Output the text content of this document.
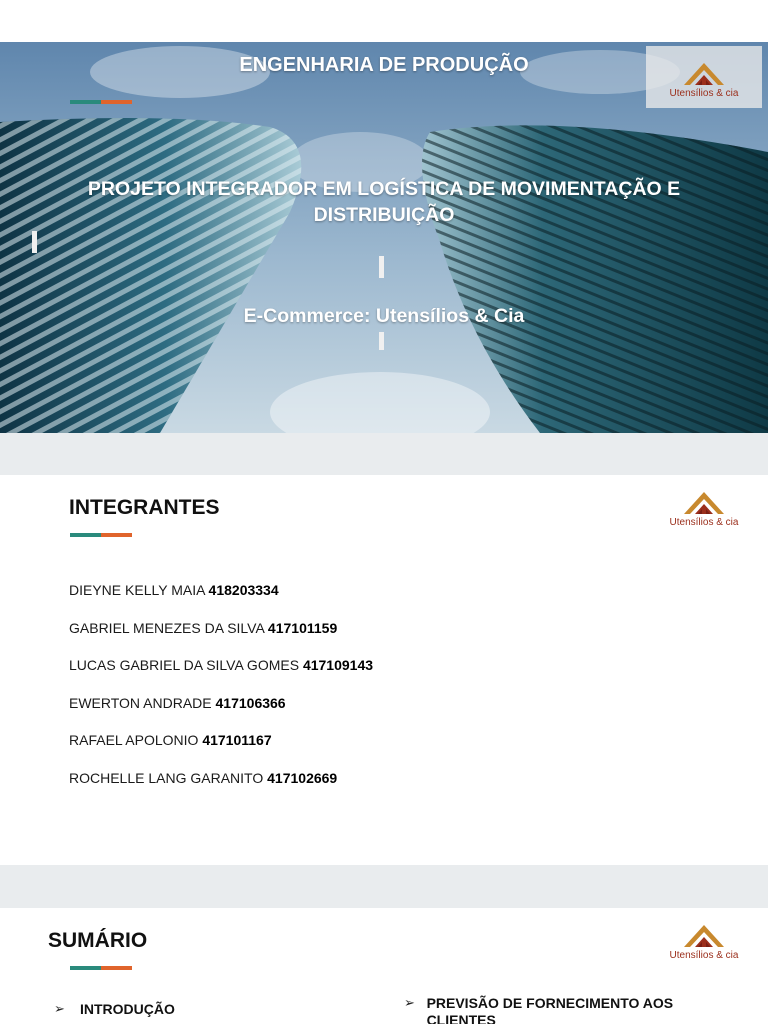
ENGENHARIA DE PRODUÇÃO
Utensílios & cia
PROJETO INTEGRADOR EM LOGÍSTICA DE MOVIMENTAÇÃO E DISTRIBUIÇÃO
E-Commerce: Utensílios & Cia
INTEGRANTES
Utensílios & cia
DIEYNE KELLY MAIA 418203334
GABRIEL MENEZES DA SILVA 417101159
LUCAS GABRIEL DA SILVA GOMES 417109143
EWERTON ANDRADE 417106366
RAFAEL APOLONIO 417101167
ROCHELLE LANG GARANITO 417102669
SUMÁRIO
Utensílios & cia
➢	INTRODUÇÃO	➢ PREVISÃO DE FORNECIMENTO AOS CLIENTES
